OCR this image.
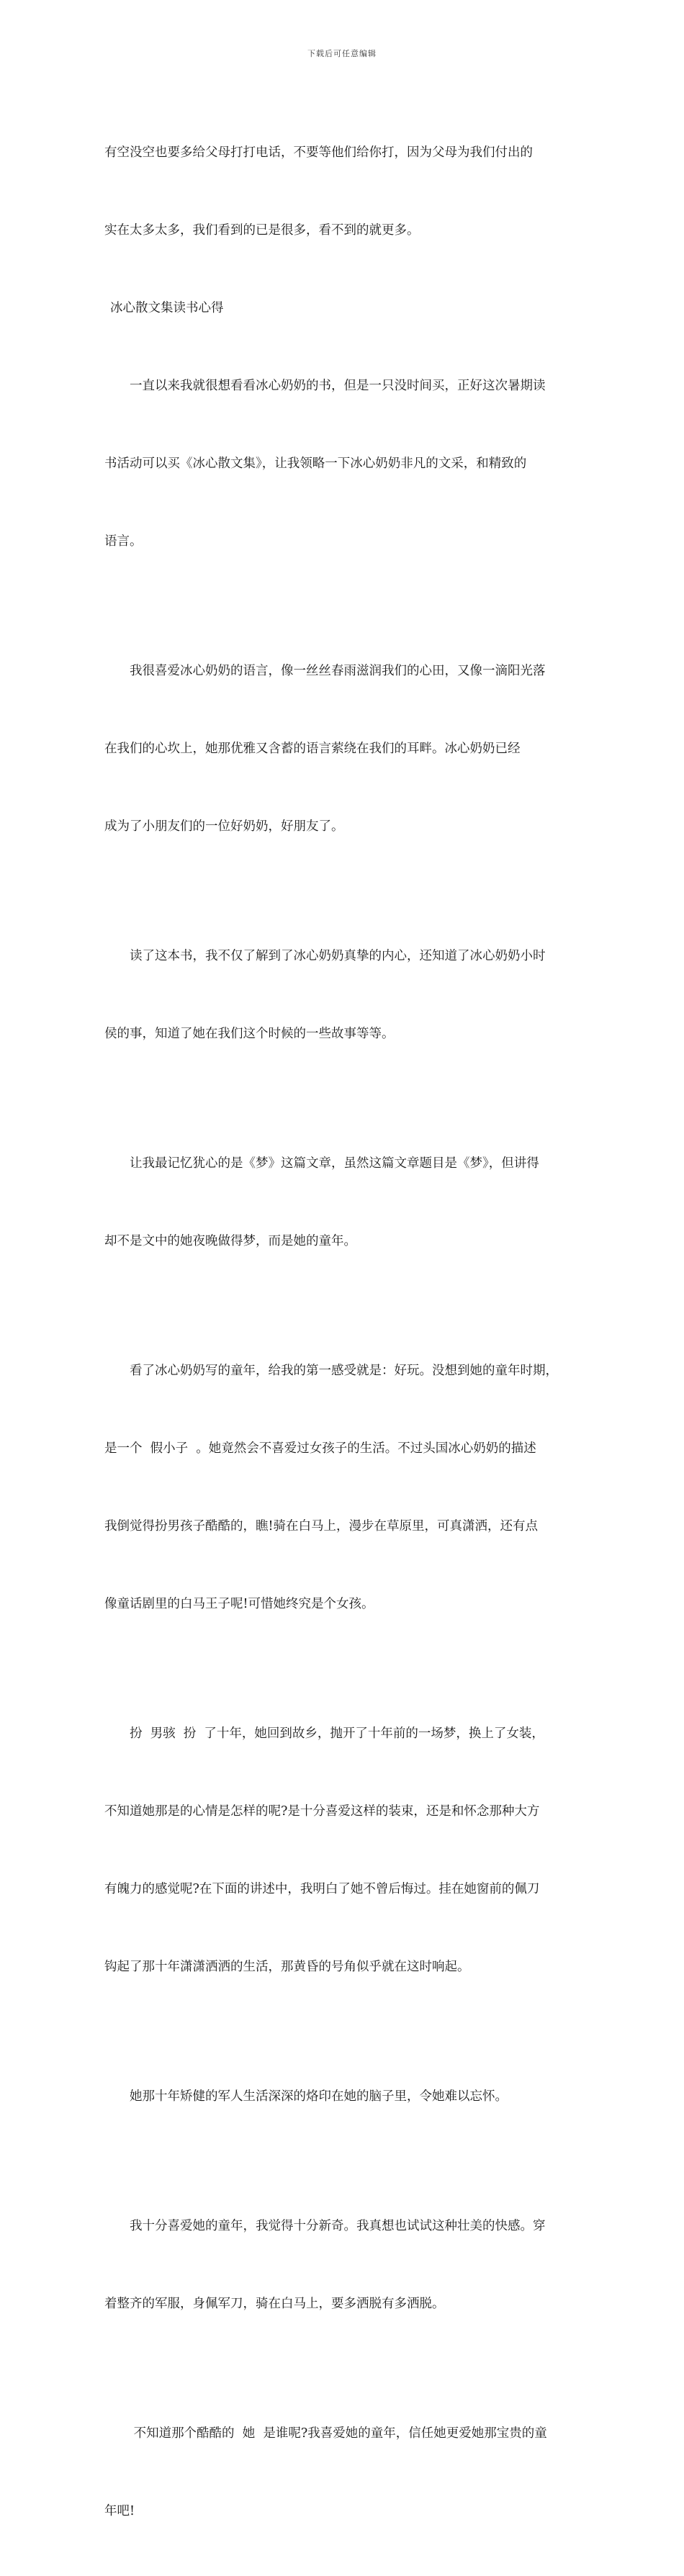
下载后可任意编辑

有空没空也要多给父母打打电话，不要等他们给你打，因为父母为我们付出的

实在太多太多，我们看到的已是很多，看不到的就更多。

冰心散文集读书心得

一直以来我就很想看看冰心奶奶的书，但是一只没时间买，正好这次暑期读

书活动可以买《冰心散文集》，让我领略一下冰心奶奶非凡的文采，和精致的

语言。

我很喜爱冰心奶奶的语言，像一丝丝春雨滋润我们的心田，又像一滴阳光落

在我们的心坎上，她那优雅又含蓄的语言萦绕在我们的耳畔。冰心奶奶已经

成为了小朋友们的一位好奶奶，好朋友了。

读了这本书，我不仅了解到了冰心奶奶真挚的内心，还知道了冰心奶奶小时

侯的事，知道了她在我们这个时候的一些故事等等。

让我最记忆犹心的是《梦》这篇文章，虽然这篇文章题目是《梦》，但讲得

却不是文中的她夜晚做得梦，而是她的童年。

看了冰心奶奶写的童年，给我的第一感受就是：好玩。没想到她的童年时期，

是一个  假小子  。她竟然会不喜爱过女孩子的生活。不过头国冰心奶奶的描述

我倒觉得扮男孩子酷酷的，瞧!骑在白马上，漫步在草原里，可真潇洒，还有点

像童话剧里的白马王子呢!可惜她终究是个女孩。

扮  男骇  扮  了十年，她回到故乡，抛开了十年前的一场梦，换上了女装，

不知道她那是的心情是怎样的呢?是十分喜爱这样的装束，还是和怀念那种大方

有魄力的感觉呢?在下面的讲述中，我明白了她不曾后悔过。挂在她窗前的佩刀

钩起了那十年潇潇洒洒的生活，那黄昏的号角似乎就在这时响起。

她那十年矫健的军人生活深深的烙印在她的脑子里，令她难以忘怀。

我十分喜爱她的童年，我觉得十分新奇。我真想也试试这种壮美的快感。穿

着整齐的军服，身佩军刀，骑在白马上，要多洒脱有多洒脱。

不知道那个酷酷的  她  是谁呢?我喜爱她的童年，信任她更爱她那宝贵的童

年吧!
